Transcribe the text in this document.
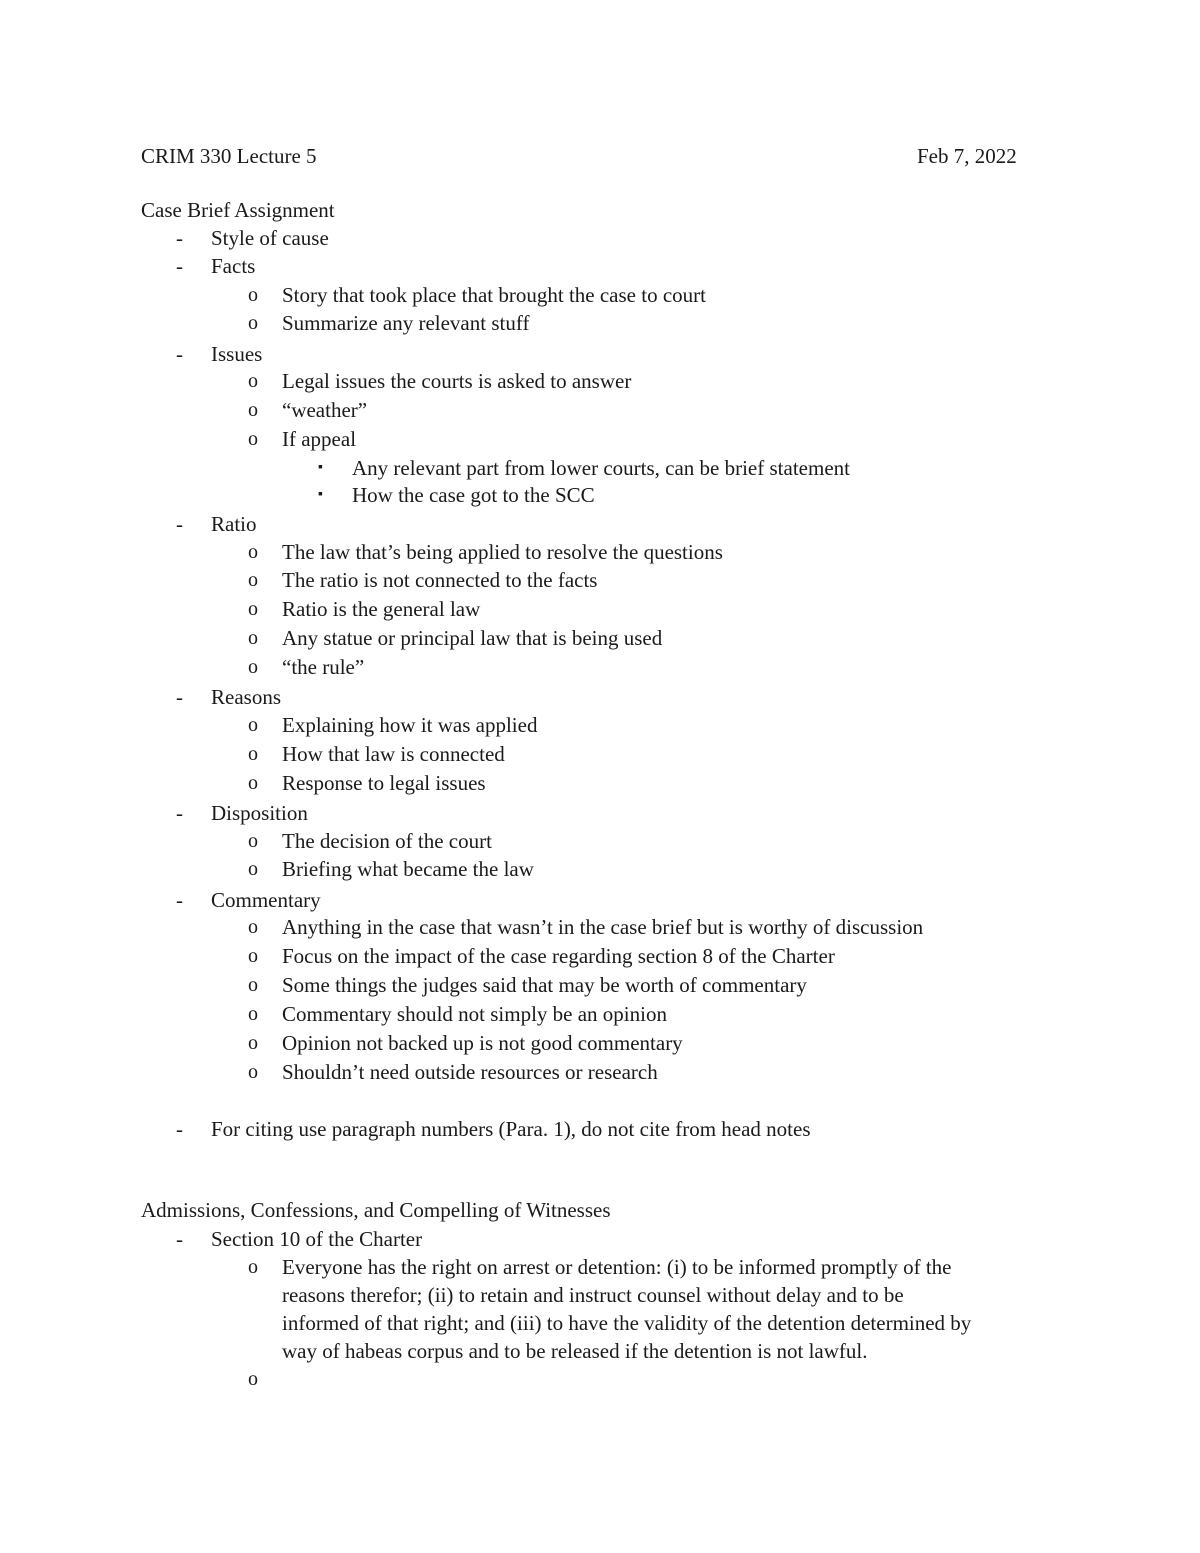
CRIM 330 Lecture 5	Feb 7, 2022
Case Brief Assignment
- Style of cause
- Facts
o Story that took place that brought the case to court
o Summarize any relevant stuff
- Issues
o Legal issues the courts is asked to answer
o “weather”
o If appeal
▪ Any relevant part from lower courts, can be brief statement
▪ How the case got to the SCC
- Ratio
o The law that’s being applied to resolve the questions
o The ratio is not connected to the facts
o Ratio is the general law
o Any statue or principal law that is being used
o “the rule”
- Reasons
o Explaining how it was applied
o How that law is connected
o Response to legal issues
- Disposition
o The decision of the court
o Briefing what became the law
- Commentary
o Anything in the case that wasn’t in the case brief but is worthy of discussion
o Focus on the impact of the case regarding section 8 of the Charter
o Some things the judges said that may be worth of commentary
o Commentary should not simply be an opinion
o Opinion not backed up is not good commentary
o Shouldn’t need outside resources or research
- For citing use paragraph numbers (Para. 1), do not cite from head notes
Admissions, Confessions, and Compelling of Witnesses
- Section 10 of the Charter
o Everyone has the right on arrest or detention: (i) to be informed promptly of the
reasons therefor; (ii) to retain and instruct counsel without delay and to be
informed of that right; and (iii) to have the validity of the detention determined by
way of habeas corpus and to be released if the detention is not lawful.
o
